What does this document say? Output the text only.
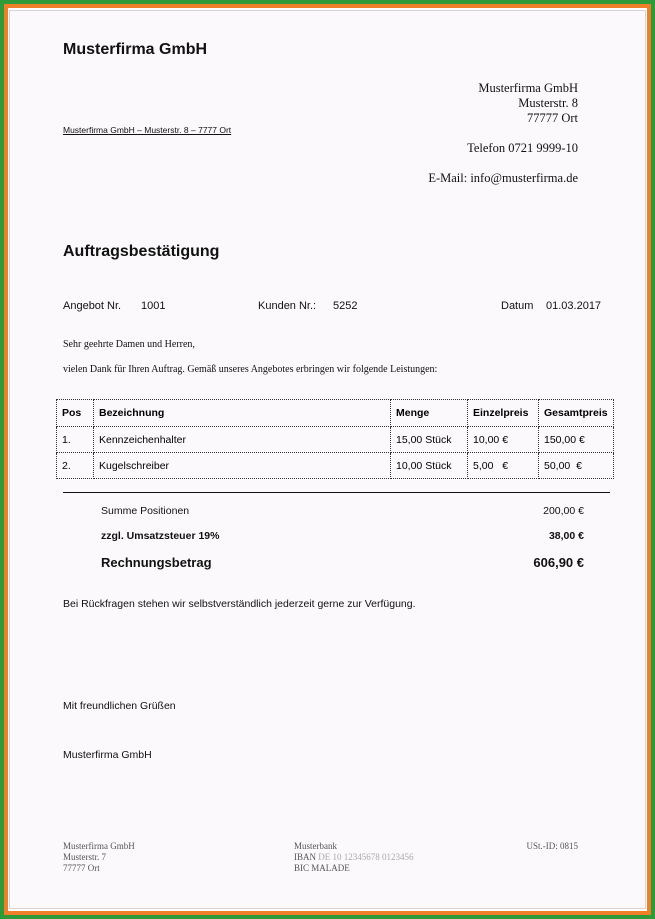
Musterfirma GmbH
Musterfirma GmbH
Musterstr. 8
77777 Ort
Musterfirma GmbH – Musterstr. 8 – 7777 Ort
Telefon 0721 9999-10
E-Mail: info@musterfirma.de
Auftragsbestätigung
Angebot Nr. 1001	Kunden Nr.: 5252	Datum 01.03.2017
Sehr geehrte Damen und Herren,
vielen Dank für Ihren Auftrag. Gemäß unseres Angebotes erbringen wir folgende Leistungen:
Pos	Bezeichnung	Menge	Einzelpreis	Gesamtpreis
1.	Kennzeichenhalter	15,00 Stück	10,00 €	150,00 €
2.	Kugelschreiber	10,00 Stück	5,00   €	50,00  €
Summe Positionen	200,00 €
zzgl. Umsatzsteuer 19%	38,00 €
Rechnungsbetrag	606,90 €
Bei Rückfragen stehen wir selbstverständlich jederzeit gerne zur Verfügung.
Mit freundlichen Grüßen
Musterfirma GmbH
Musterfirma GmbH
Musterstr. 7
77777 Ort
Musterbank
IBAN DE 10 12345678 0123456
BIC MALADE
USt.-ID: 0815
